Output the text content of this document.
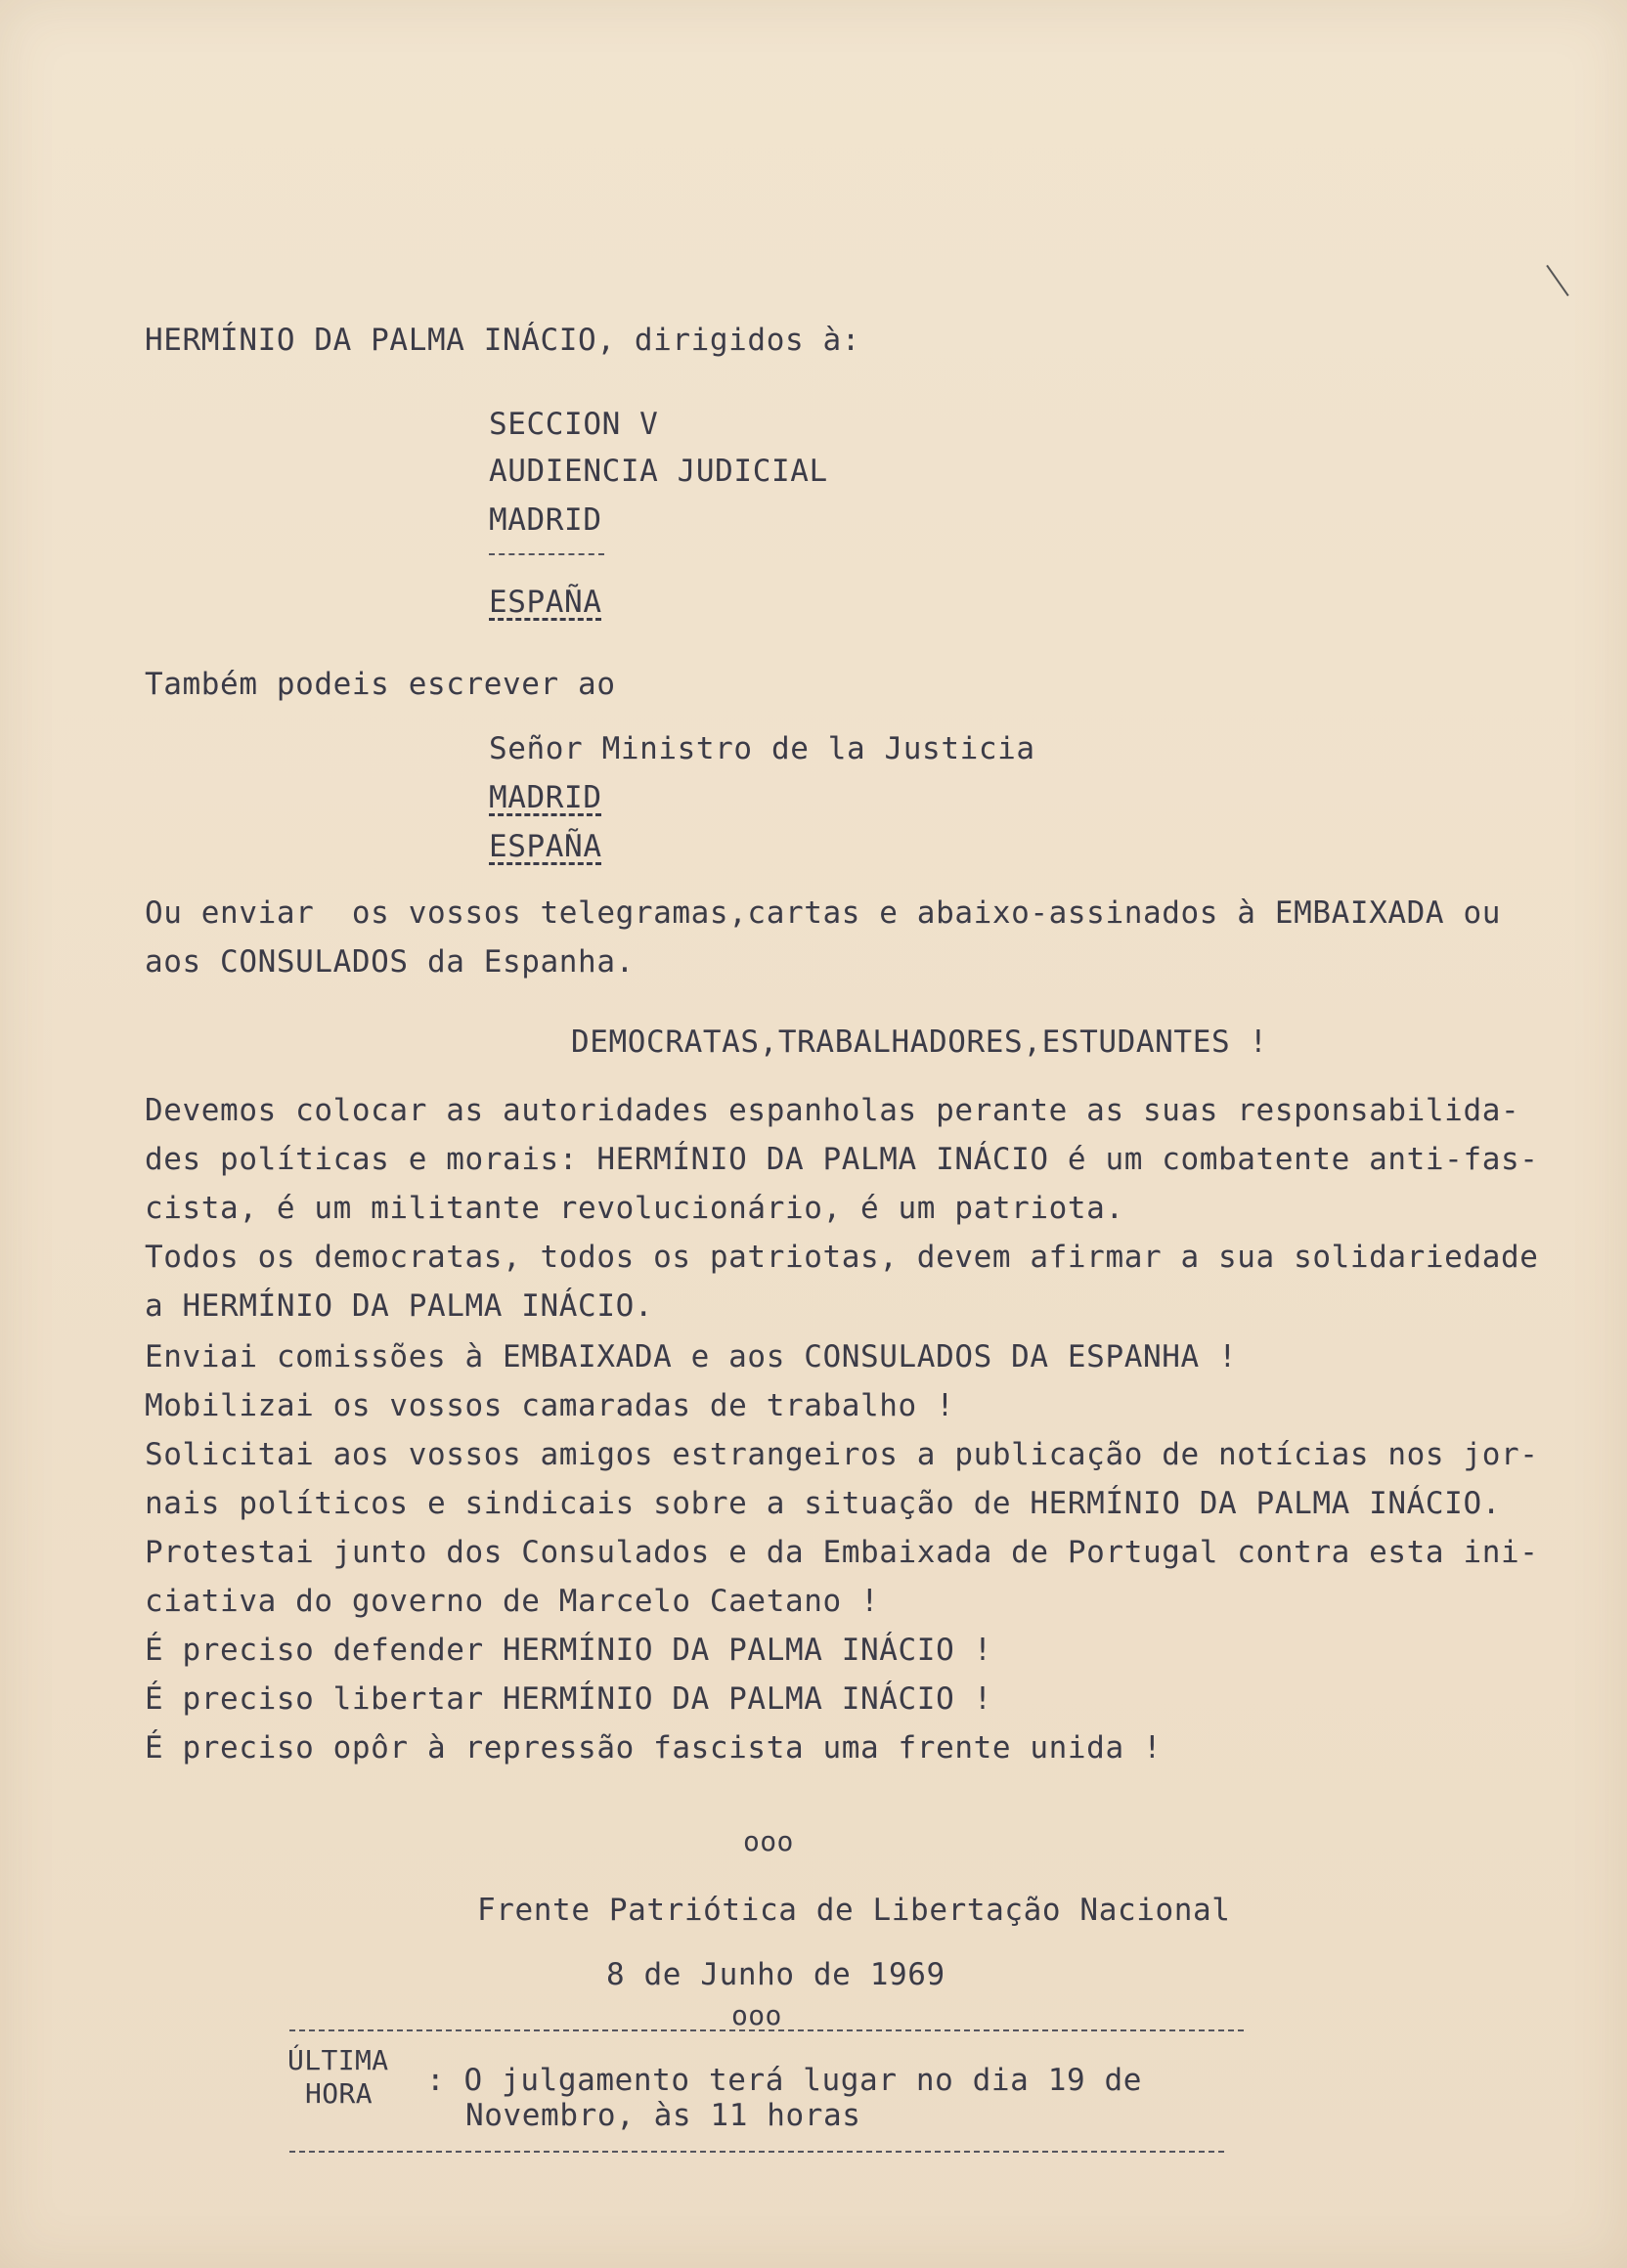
HERMÍNIO DA PALMA INÁCIO, dirigidos à:
SECCION V
AUDIENCIA JUDICIAL
MADRID
ESPAÑA
Também podeis escrever ao
Señor Ministro de la Justicia
MADRID
ESPAÑA
Ou enviar  os vossos telegramas,cartas e abaixo-assinados à EMBAIXADA ou
aos CONSULADOS da Espanha.
DEMOCRATAS,TRABALHADORES,ESTUDANTES !
Devemos colocar as autoridades espanholas perante as suas responsabilida-
des políticas e morais: HERMÍNIO DA PALMA INÁCIO é um combatente anti-fas-
cista, é um militante revolucionário, é um patriota.
Todos os democratas, todos os patriotas, devem afirmar a sua solidariedade
a HERMÍNIO DA PALMA INÁCIO.
Enviai comissões à EMBAIXADA e aos CONSULADOS DA ESPANHA !
Mobilizai os vossos camaradas de trabalho !
Solicitai aos vossos amigos estrangeiros a publicação de notícias nos jor-
nais políticos e sindicais sobre a situação de HERMÍNIO DA PALMA INÁCIO.
Protestai junto dos Consulados e da Embaixada de Portugal contra esta ini-
ciativa do governo de Marcelo Caetano !
É preciso defender HERMÍNIO DA PALMA INÁCIO !
É preciso libertar HERMÍNIO DA PALMA INÁCIO !
É preciso opôr à repressão fascista uma frente unida !
ooo
Frente Patriótica de Libertação Nacional
8 de Junho de 1969
ooo
ÚLTIMA
HORA : O julgamento terá lugar no dia 19 de
Novembro, às 11 horas
